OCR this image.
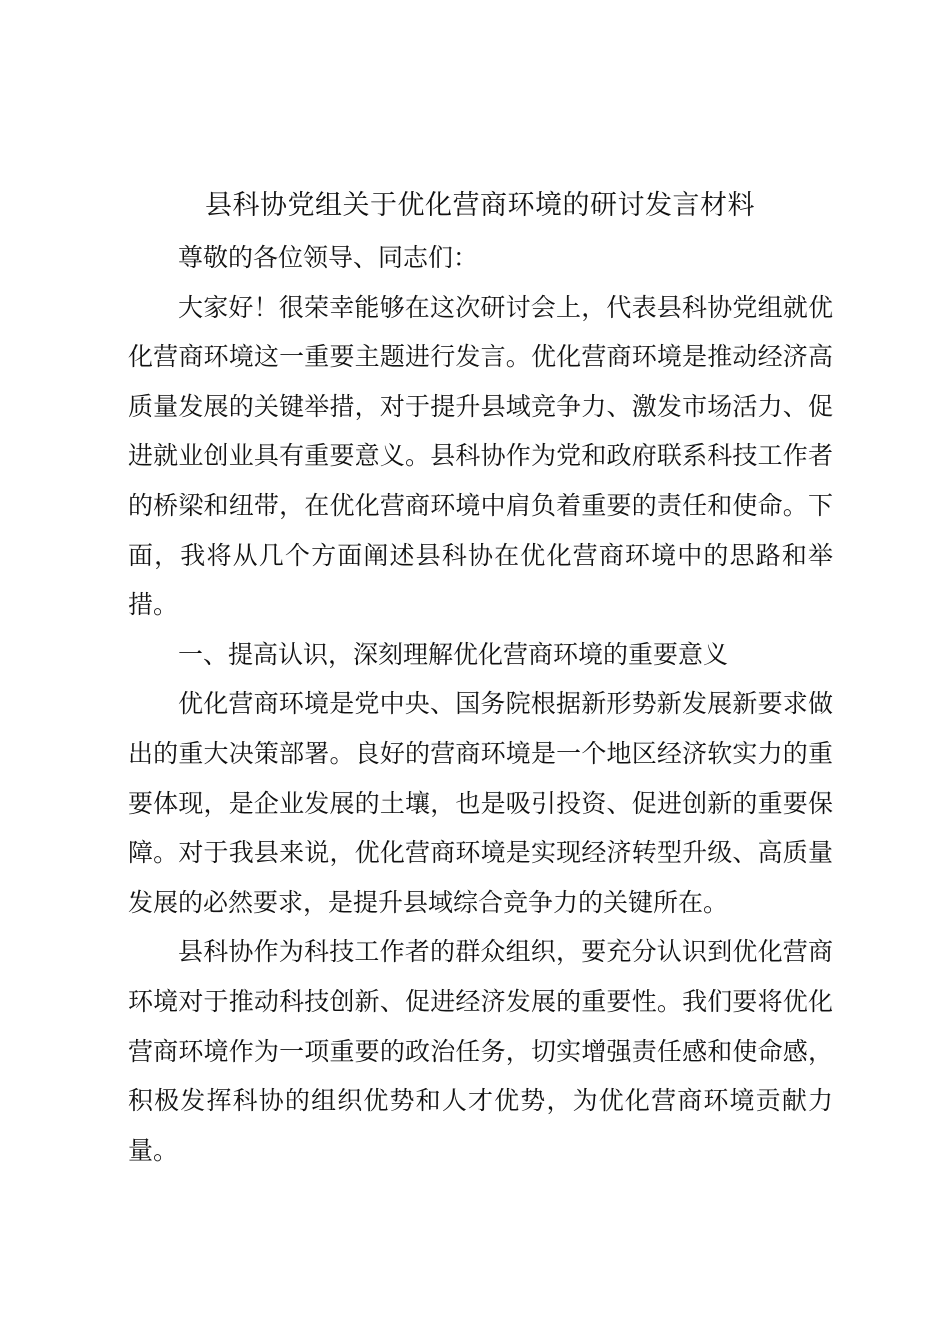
县科协党组关于优化营商环境的研讨发言材料

尊敬的各位领导、同志们：

大家好！很荣幸能够在这次研讨会上，代表县科协党组就优化营商环境这一重要主题进行发言。优化营商环境是推动经济高质量发展的关键举措，对于提升县域竞争力、激发市场活力、促进就业创业具有重要意义。县科协作为党和政府联系科技工作者的桥梁和纽带，在优化营商环境中肩负着重要的责任和使命。下面，我将从几个方面阐述县科协在优化营商环境中的思路和举措。

一、提高认识，深刻理解优化营商环境的重要意义

优化营商环境是党中央、国务院根据新形势新发展新要求做出的重大决策部署。良好的营商环境是一个地区经济软实力的重要体现，是企业发展的土壤，也是吸引投资、促进创新的重要保障。对于我县来说，优化营商环境是实现经济转型升级、高质量发展的必然要求，是提升县域综合竞争力的关键所在。

县科协作为科技工作者的群众组织，要充分认识到优化营商环境对于推动科技创新、促进经济发展的重要性。我们要将优化营商环境作为一项重要的政治任务，切实增强责任感和使命感，积极发挥科协的组织优势和人才优势，为优化营商环境贡献力量。
